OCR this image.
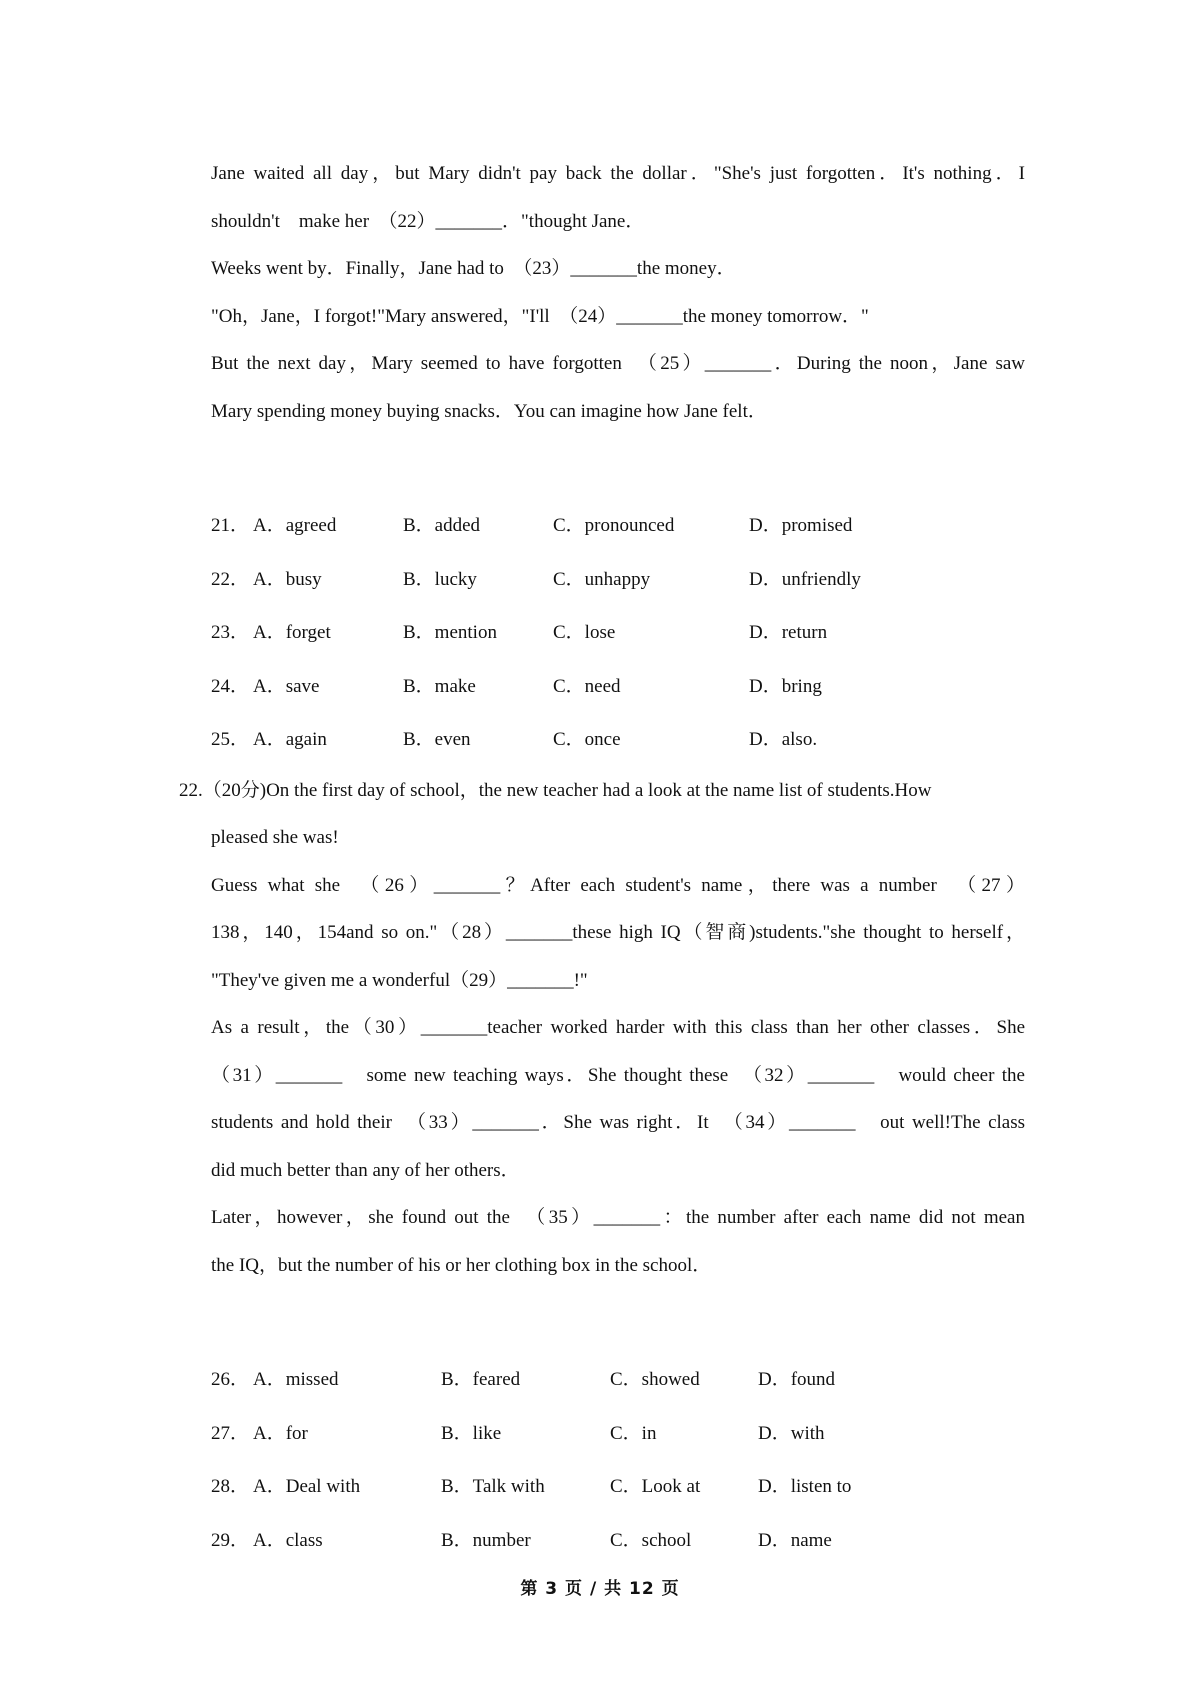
Jane waited all day，but Mary didn't pay back the dollar．"She's just forgotten．It's nothing．I
shouldn't　make her　（22）_______．"thought Jane．
Weeks went by．Finally，Jane had to　（23）_______the money．
"Oh，Jane，I forgot!"Mary answered，"I'll　（24）_______the money tomorrow．"
But the next day，Mary seemed to have forgotten　（25）_______．During the noon，Jane saw
Mary spending money buying snacks．You can imagine how Jane felt．
21． A．agreed	B．added	C．pronounced	D．promised
22． A．busy	B．lucky	C．unhappy	D．unfriendly
23． A．forget	B．mention	C．lose	D．return
24． A．save	B．make	C．need	D．bring
25． A．again	B．even	C．once	D．also.
22.（20分)On the first day of school，the new teacher had a look at the name list of students.How
pleased she was!
Guess what she　（26）_______？After each student's name，there was a number　（27）
138，140，154and so on."（28）_______these high IQ（智商)students."she thought to herself，
"They've given me a wonderful（29）_______!"
As a result，the（30）_______teacher worked harder with this class than her other classes．She
（31）_______　some new teaching ways．She thought these　（32）_______　would cheer the
students and hold their　（33）_______．She was right．It　（34）_______　out well!The class
did much better than any of her others．
Later，however，she found out the　（35）_______：the number after each name did not mean
the IQ，but the number of his or her clothing box in the school．
26． A．missed	B．feared	C．showed	D．found
27． A．for	B．like	C．in	D．with
28． A．Deal with	B．Talk with	C．Look at	D．listen to
29． A．class	B．number	C．school	D．name
第 3 页 / 共 12 页
